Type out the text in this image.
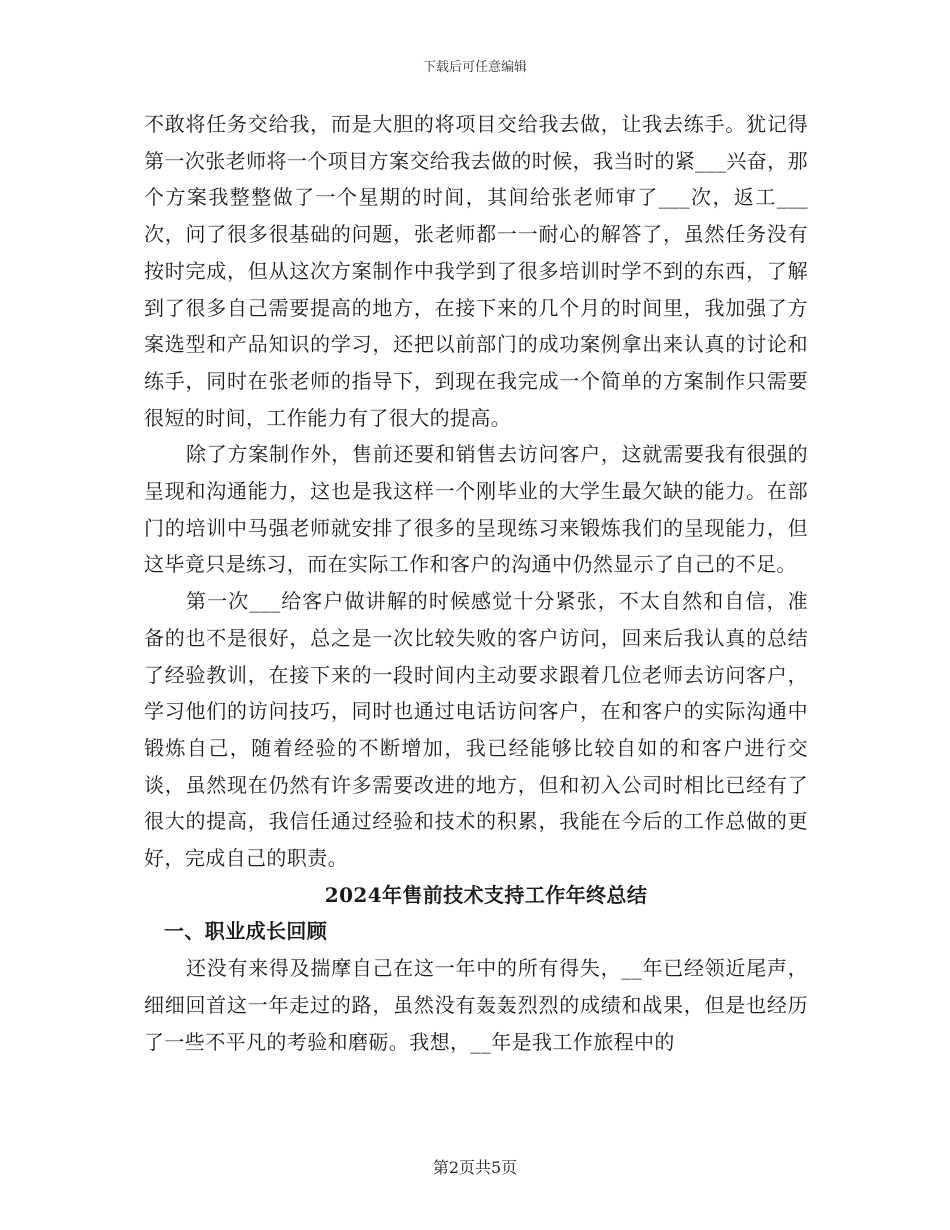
下载后可任意编辑

不敢将任务交给我，而是大胆的将项目交给我去做，让我去练手。犹记得第一次张老师将一个项目方案交给我去做的时候，我当时的紧___兴奋，那个方案我整整做了一个星期的时间，其间给张老师审了___次，返工___次，问了很多很基础的问题，张老师都一一耐心的解答了，虽然任务没有按时完成，但从这次方案制作中我学到了很多培训时学不到的东西，了解到了很多自己需要提高的地方，在接下来的几个月的时间里，我加强了方案选型和产品知识的学习，还把以前部门的成功案例拿出来认真的讨论和练手，同时在张老师的指导下，到现在我完成一个简单的方案制作只需要很短的时间，工作能力有了很大的提高。

除了方案制作外，售前还要和销售去访问客户，这就需要我有很强的呈现和沟通能力，这也是我这样一个刚毕业的大学生最欠缺的能力。在部门的培训中马强老师就安排了很多的呈现练习来锻炼我们的呈现能力，但这毕竟只是练习，而在实际工作和客户的沟通中仍然显示了自己的不足。

第一次___给客户做讲解的时候感觉十分紧张，不太自然和自信，准备的也不是很好，总之是一次比较失败的客户访问，回来后我认真的总结了经验教训，在接下来的一段时间内主动要求跟着几位老师去访问客户，学习他们的访问技巧，同时也通过电话访问客户，在和客户的实际沟通中锻炼自己，随着经验的不断增加，我已经能够比较自如的和客户进行交谈，虽然现在仍然有许多需要改进的地方，但和初入公司时相比已经有了很大的提高，我信任通过经验和技术的积累，我能在今后的工作总做的更好，完成自己的职责。

2024年售前技术支持工作年终总结
一、职业成长回顾

还没有来得及揣摩自己在这一年中的所有得失，__年已经领近尾声，细细回首这一年走过的路，虽然没有轰轰烈烈的成绩和战果，但是也经历了一些不平凡的考验和磨砺。我想，__年是我工作旅程中的

第2页共5页
